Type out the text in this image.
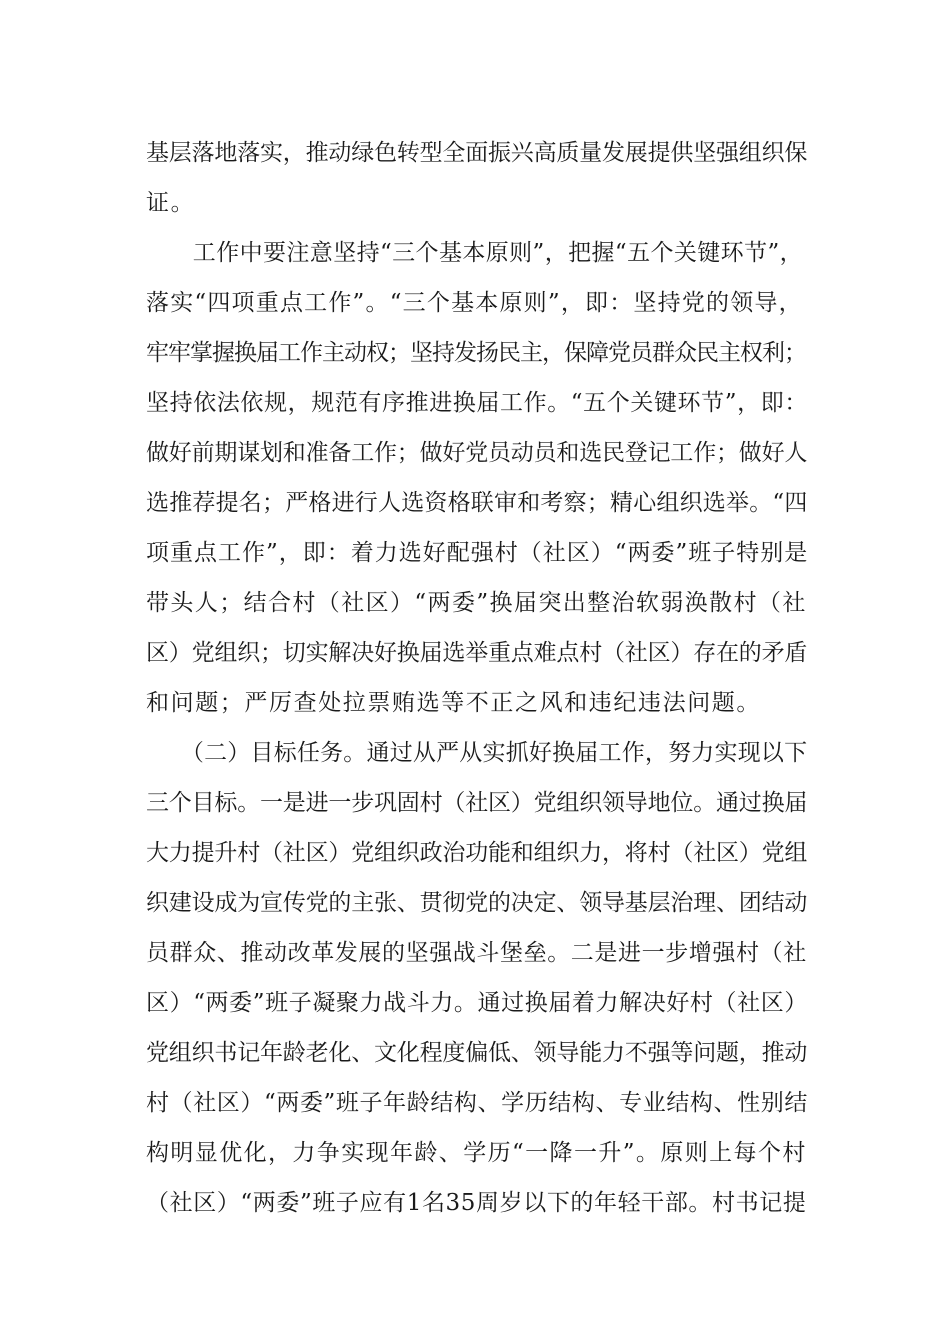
基层落地落实，推动绿色转型全面振兴高质量发展提供坚强组织保
证。
　　工作中要注意坚持“三个基本原则”，把握“五个关键环节”，
落实“四项重点工作”。“三个基本原则”，即：坚持党的领导，
牢牢掌握换届工作主动权；坚持发扬民主，保障党员群众民主权利；
坚持依法依规，规范有序推进换届工作。“五个关键环节”，即：
做好前期谋划和准备工作；做好党员动员和选民登记工作；做好人
选推荐提名；严格进行人选资格联审和考察；精心组织选举。“四
项重点工作”，即：着力选好配强村（社区）“两委”班子特别是
带头人；结合村（社区）“两委”换届突出整治软弱涣散村（社
区）党组织；切实解决好换届选举重点难点村（社区）存在的矛盾
和问题；严厉查处拉票贿选等不正之风和违纪违法问题。
　　（二）目标任务。通过从严从实抓好换届工作，努力实现以下
三个目标。一是进一步巩固村（社区）党组织领导地位。通过换届
大力提升村（社区）党组织政治功能和组织力，将村（社区）党组
织建设成为宣传党的主张、贯彻党的决定、领导基层治理、团结动
员群众、推动改革发展的坚强战斗堡垒。二是进一步增强村（社
区）“两委”班子凝聚力战斗力。通过换届着力解决好村（社区）
党组织书记年龄老化、文化程度偏低、领导能力不强等问题，推动
村（社区）“两委”班子年龄结构、学历结构、专业结构、性别结
构明显优化，力争实现年龄、学历“一降一升”。原则上每个村
（社区）“两委”班子应有1名35周岁以下的年轻干部。村书记提
